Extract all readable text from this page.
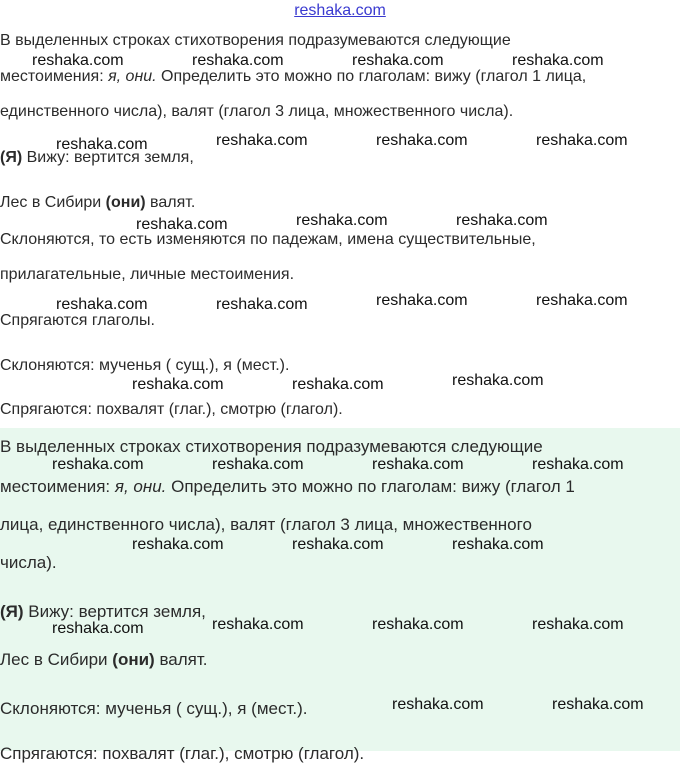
reshaka.com
В выделенных строках стихотворения подразумеваются следующие
местоимения: я, они. Определить это можно по глаголам: вижу (глагол 1 лица,
единственного числа), валят (глагол 3 лица, множественного числа).
(Я) Вижу: вертится земля,
Лес в Сибири (они) валят.
Склоняются, то есть изменяются по падежам, имена существительные,
прилагательные, личные местоимения.
Спрягаются глаголы.
Склоняются: мученья ( сущ.), я (мест.).
Спрягаются: похвалят (глаг.), смотрю (глагол).
В выделенных строках стихотворения подразумеваются следующие
местоимения: я, они. Определить это можно по глаголам: вижу (глагол 1
лица, единственного числа), валят (глагол 3 лица, множественного
числа).
(Я) Вижу: вертится земля,
Лес в Сибири (они) валят.
Склоняются: мученья ( сущ.), я (мест.).
Спрягаются: похвалят (глаг.), смотрю (глагол).
reshaka.com	reshaka.com	reshaka.com	reshaka.com
reshaka.com	reshaka.com	reshaka.com	reshaka.com
reshaka.com	reshaka.com	reshaka.com
reshaka.com	reshaka.com	reshaka.com	reshaka.com
reshaka.com	reshaka.com	reshaka.com
reshaka.com	reshaka.com	reshaka.com	reshaka.com
reshaka.com	reshaka.com	reshaka.com
reshaka.com	reshaka.com	reshaka.com	reshaka.com
reshaka.com	reshaka.com
